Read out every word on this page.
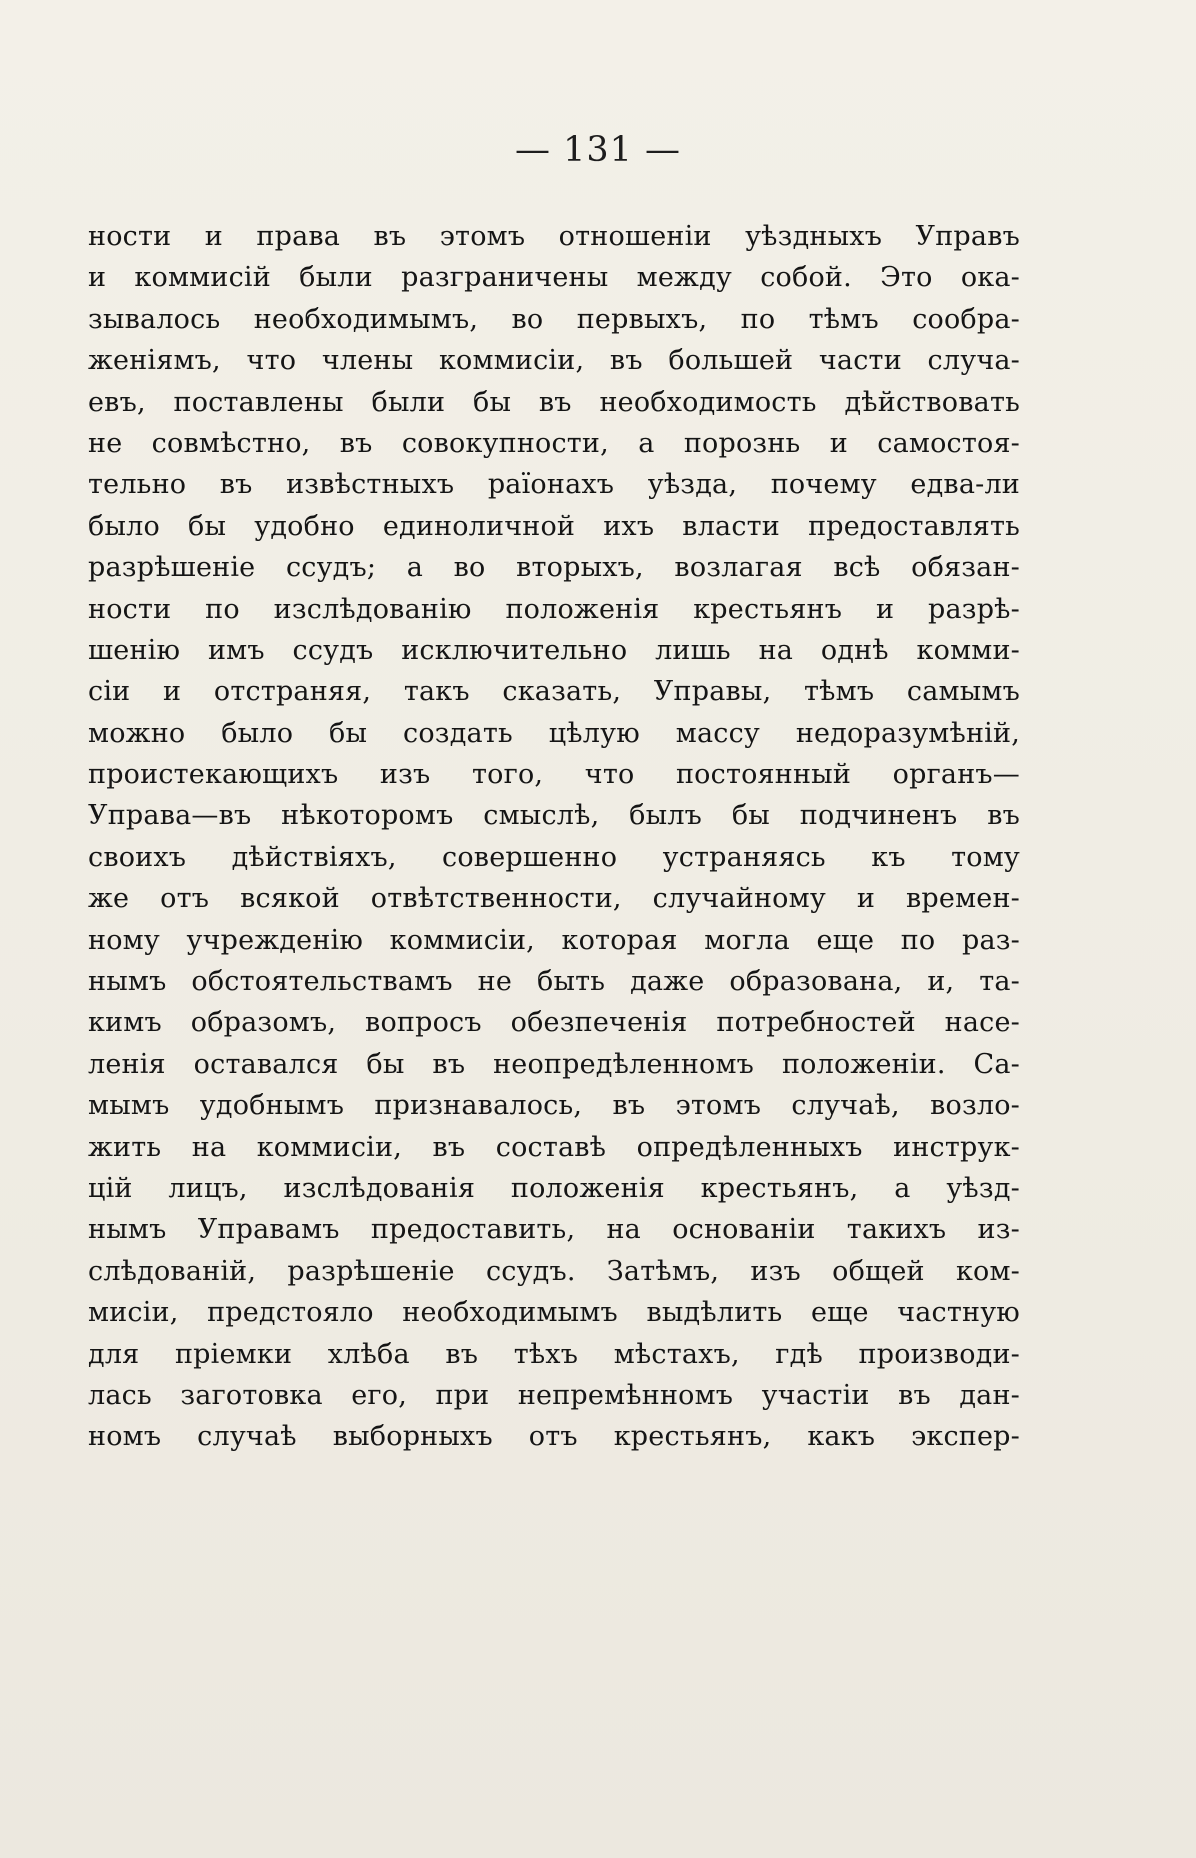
— 131 —
ности и права въ этомъ отношенiи уѣздныхъ Управъ
и коммисiй были разграничены между собой. Это ока-
зывалось необходимымъ, во первыхъ, по тѣмъ сообра-
женiямъ, что члены коммисiи, въ большей части случа-
евъ, поставлены были бы въ необходимость дѣйствовать
не совмѣстно, въ совокупности, а порознь и самостоя-
тельно въ извѣстныхъ раïонахъ уѣзда, почему едва-ли
было бы удобно единоличной ихъ власти предоставлять
разрѣшенiе ссудъ; а во вторыхъ, возлагая всѣ обязан-
ности по изслѣдованiю положенiя крестьянъ и разрѣ-
шенiю имъ ссудъ исключительно лишь на однѣ комми-
сiи и отстраняя, такъ сказать, Управы, тѣмъ самымъ
можно было бы создать цѣлую массу недоразумѣнiй,
проистекающихъ изъ того, что постоянный органъ—
Управа—въ нѣкоторомъ смыслѣ, былъ бы подчиненъ въ
своихъ дѣйствiяхъ, совершенно устраняясь къ тому
же отъ всякой отвѣтственности, случайному и времен-
ному учрежденiю коммисiи, которая могла еще по раз-
нымъ обстоятельствамъ не быть даже образована, и, та-
кимъ образомъ, вопросъ обезпеченiя потребностей насе-
ленiя оставался бы въ неопредѣленномъ положенiи. Са-
мымъ удобнымъ признавалось, въ этомъ случаѣ, возло-
жить на коммисiи, въ составѣ опредѣленныхъ инструк-
цiй лицъ, изслѣдованiя положенiя крестьянъ, а уѣзд-
нымъ Управамъ предоставить, на основанiи такихъ из-
слѣдованiй, разрѣшенiе ссудъ. Затѣмъ, изъ общей ком-
мисiи, предстояло необходимымъ выдѣлить еще частную
для прiемки хлѣба въ тѣхъ мѣстахъ, гдѣ производи-
лась заготовка его, при непремѣнномъ участiи въ дан-
номъ случаѣ выборныхъ отъ крестьянъ, какъ экспер-
